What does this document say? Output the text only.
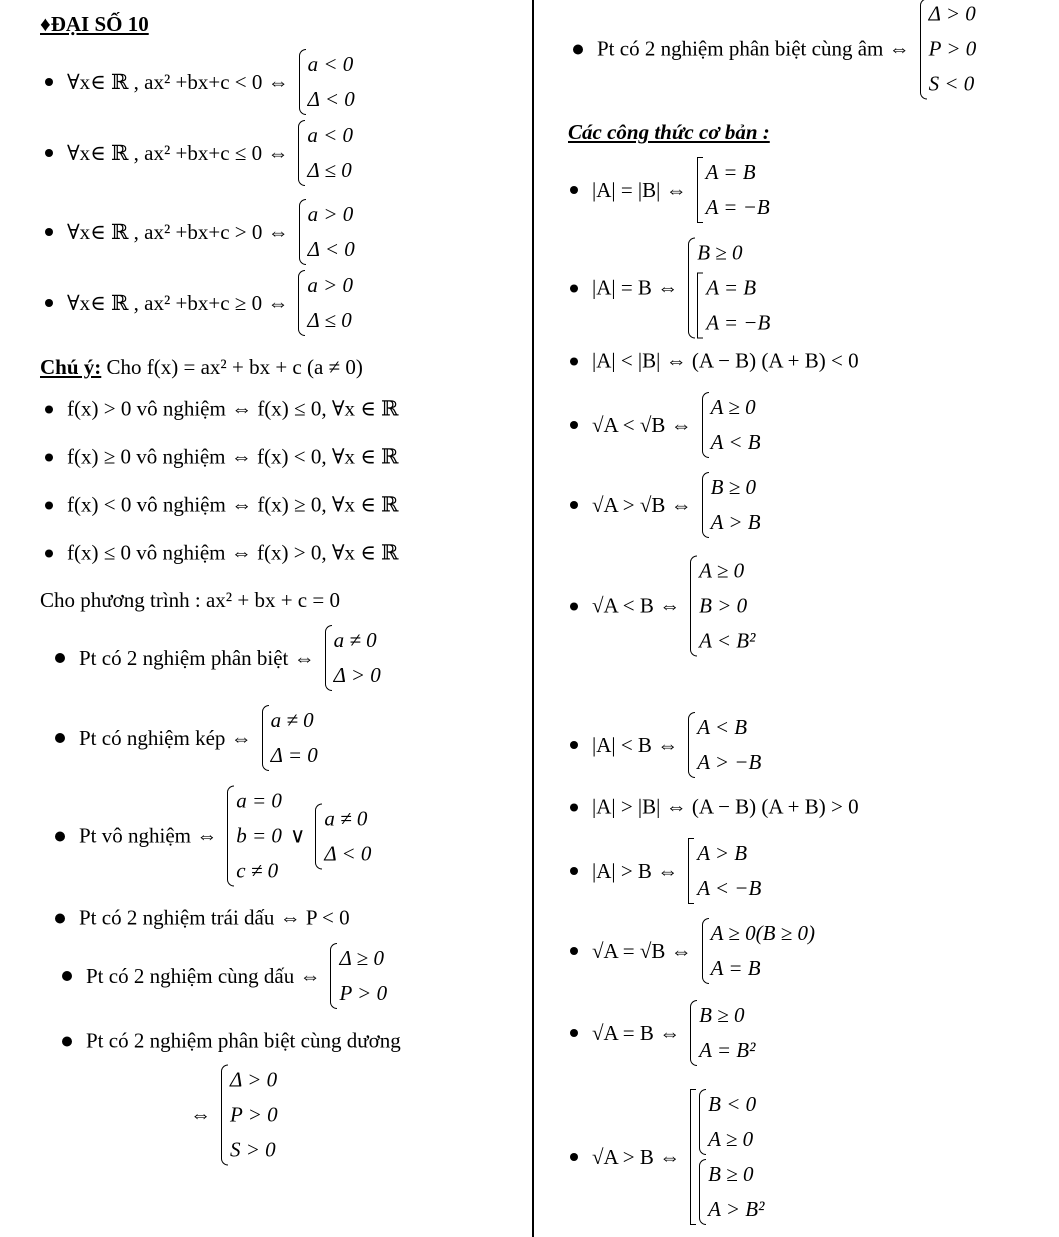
♦ĐẠI SỐ 10
Chú ý: Cho f(x) = ax² + bx + c (a ≠ 0)
Cho phương trình : ax² + bx + c = 0
Các công thức cơ bản :
∀x∈ ℝ , ax² +bx+c < 0 ⇔
a < 0
Δ < 0
∀x∈ ℝ , ax² +bx+c ≤ 0 ⇔
a < 0
Δ ≤ 0
∀x∈ ℝ , ax² +bx+c > 0 ⇔
a > 0
Δ < 0
∀x∈ ℝ , ax² +bx+c ≥ 0 ⇔
a > 0
Δ ≤ 0
f(x) > 0 vô nghiệm ⇔ f(x) ≤ 0, ∀x ∈ ℝ
f(x) ≥ 0 vô nghiệm ⇔ f(x) < 0, ∀x ∈ ℝ
f(x) < 0 vô nghiệm ⇔ f(x) ≥ 0, ∀x ∈ ℝ
f(x) ≤ 0 vô nghiệm ⇔ f(x) > 0, ∀x ∈ ℝ
Pt có 2 nghiệm phân biệt ⇔
a ≠ 0
Δ > 0
Pt có nghiệm kép ⇔
a ≠ 0
Δ = 0
Pt vô nghiệm ⇔
a = 0
b = 0
c ≠ 0
∨
a ≠ 0
Δ < 0
Pt có 2 nghiệm trái dấu ⇔ P < 0
Pt có 2 nghiệm cùng dấu ⇔
Δ ≥ 0
P > 0
Pt có 2 nghiệm phân biệt cùng dương
⇔
Δ > 0
P > 0
S > 0
Pt có 2 nghiệm phân biệt cùng âm ⇔
Δ > 0
P > 0
S < 0
|A| = |B| ⇔
A = B
A = −B
|A| = B ⇔
B ≥ 0
A = B
A = −B
|A| < |B| ⇔ (A − B) (A + B) < 0
√A < √B ⇔
A ≥ 0
A < B
√A > √B ⇔
B ≥ 0
A > B
√A < B ⇔
A ≥ 0
B > 0
A < B²
|A| < B ⇔
A < B
A > −B
|A| > |B| ⇔ (A − B) (A + B) > 0
|A| > B ⇔
A > B
A < −B
√A = √B ⇔
A ≥ 0(B ≥ 0)
A = B
√A = B ⇔
B ≥ 0
A = B²
√A > B ⇔
B < 0
A ≥ 0
B ≥ 0
A > B²
